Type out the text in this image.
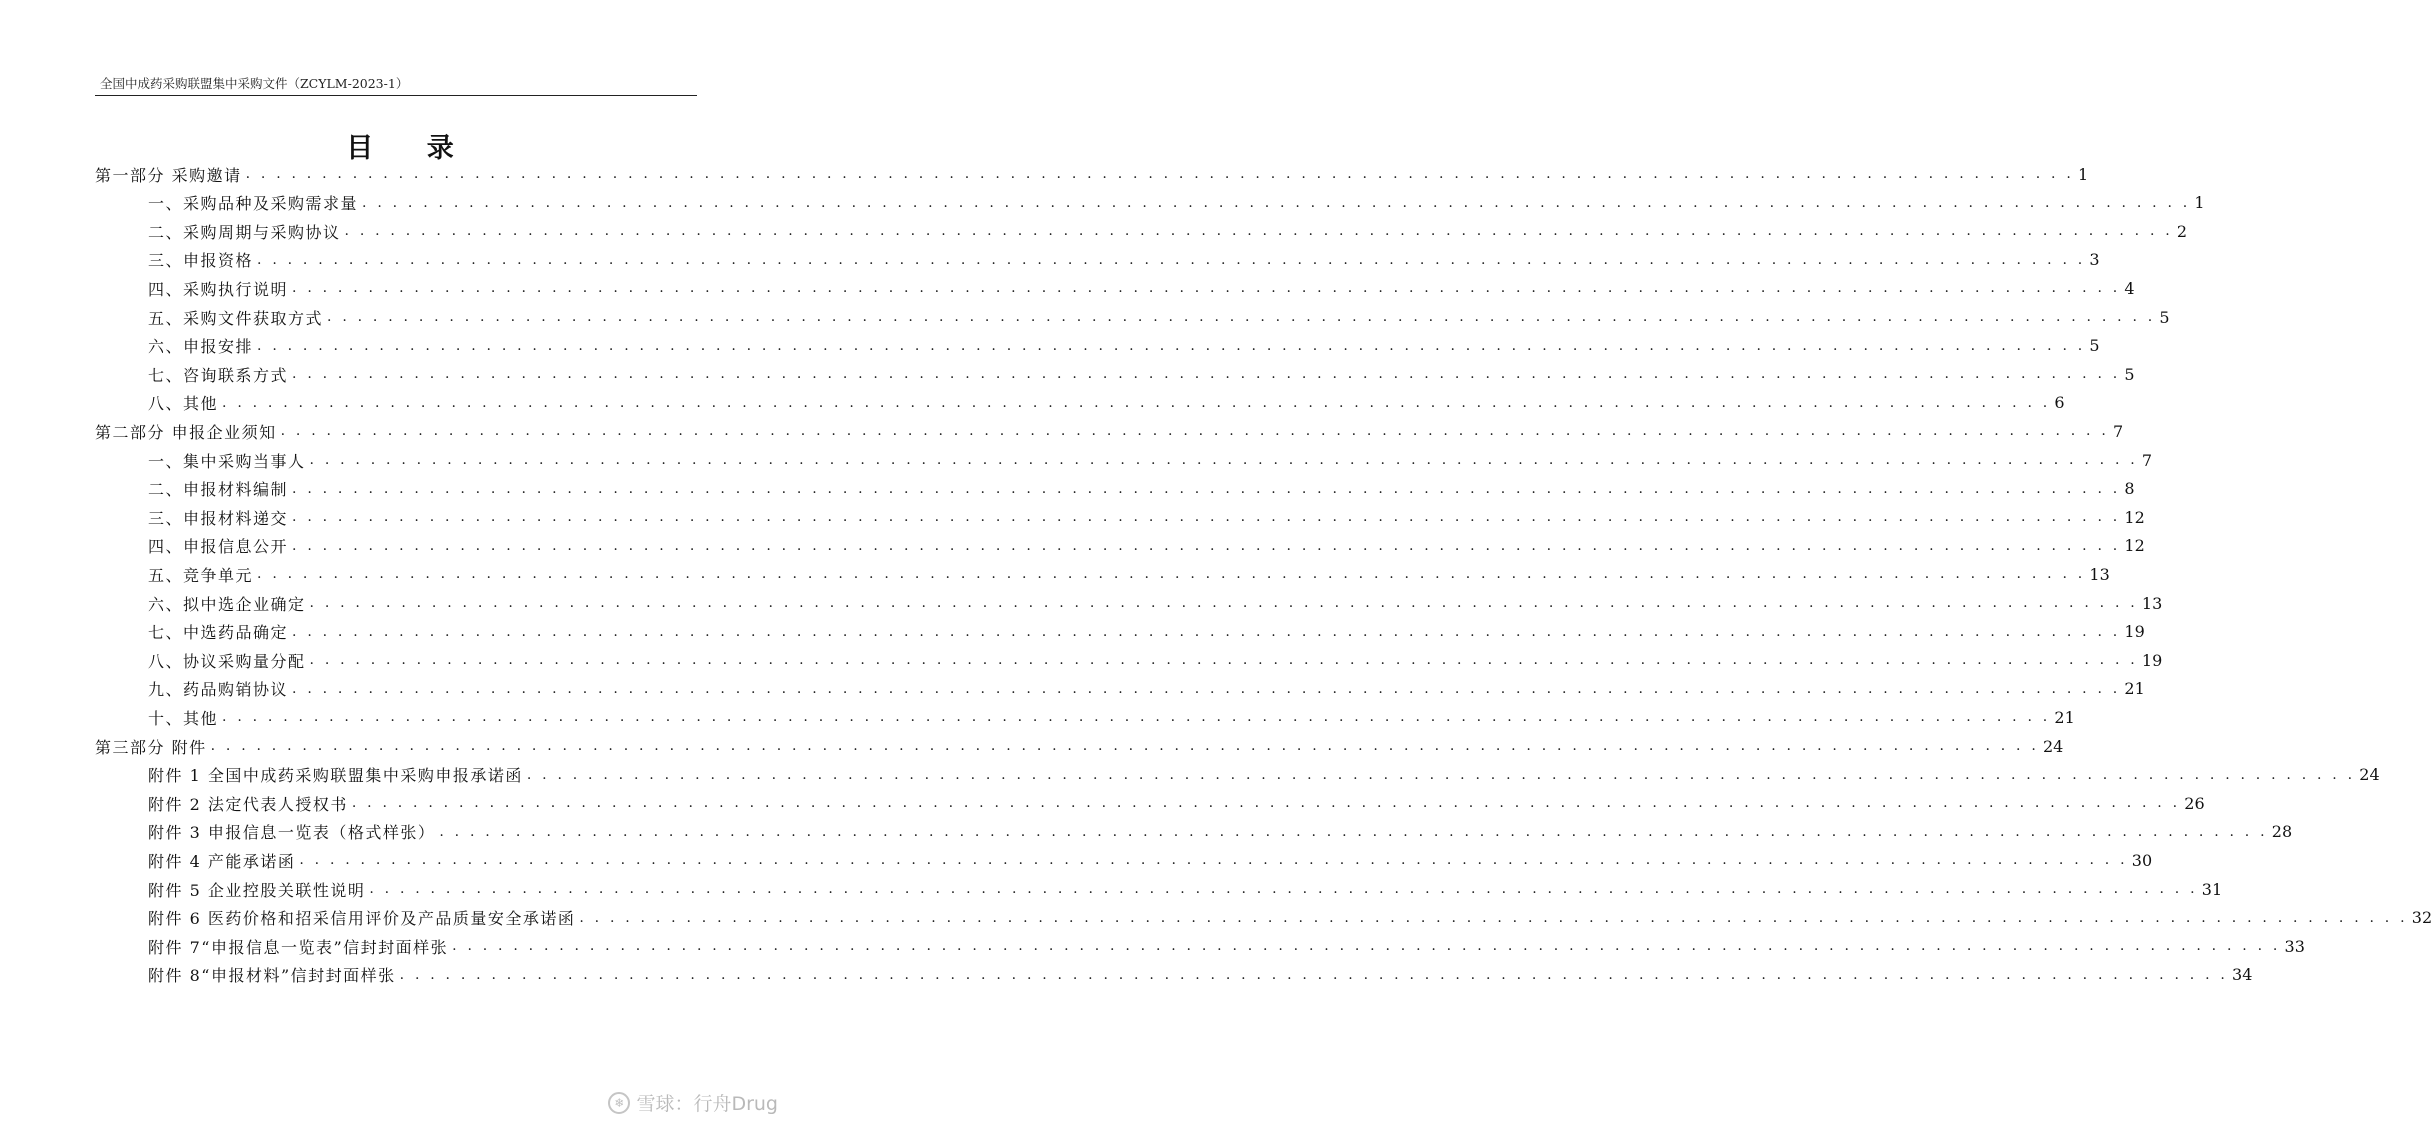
全国中成药采购联盟集中采购文件（ZCYLM-2023-1）
目 录
第一部分 采购邀请 . . . . . . . . . . . . . . . . . . . . . . . . . . . . . . . . . . . . . . . . . . . . . . . . . . . . . . . . . . . . . . . . . . . . . . . . . . . . . . . . . . . . . . . . . . . . . . . . . . . . . . . . . . . . . . . . . . . . . . . . 1
一、采购品种及采购需求量 . . . . . . . . . . . . . . . . . . . . . . . . . . . . . . . . . . . . . . . . . . . . . . . . . . . . . . . . . . . . . . . . . . . . . . . . . . . . . . . . . . . . . . . . . . . . . . . . . . . . . . . . . . . . . . . . . . . . . . . . 1
二、采购周期与采购协议 . . . . . . . . . . . . . . . . . . . . . . . . . . . . . . . . . . . . . . . . . . . . . . . . . . . . . . . . . . . . . . . . . . . . . . . . . . . . . . . . . . . . . . . . . . . . . . . . . . . . . . . . . . . . . . . . . . . . . . . . 2
三、申报资格 . . . . . . . . . . . . . . . . . . . . . . . . . . . . . . . . . . . . . . . . . . . . . . . . . . . . . . . . . . . . . . . . . . . . . . . . . . . . . . . . . . . . . . . . . . . . . . . . . . . . . . . . . . . . . . . . . . . . . . . . 3
四、采购执行说明 . . . . . . . . . . . . . . . . . . . . . . . . . . . . . . . . . . . . . . . . . . . . . . . . . . . . . . . . . . . . . . . . . . . . . . . . . . . . . . . . . . . . . . . . . . . . . . . . . . . . . . . . . . . . . . . . . . . . . . . . 4
五、采购文件获取方式 . . . . . . . . . . . . . . . . . . . . . . . . . . . . . . . . . . . . . . . . . . . . . . . . . . . . . . . . . . . . . . . . . . . . . . . . . . . . . . . . . . . . . . . . . . . . . . . . . . . . . . . . . . . . . . . . . . . . . . . . 5
六、申报安排 . . . . . . . . . . . . . . . . . . . . . . . . . . . . . . . . . . . . . . . . . . . . . . . . . . . . . . . . . . . . . . . . . . . . . . . . . . . . . . . . . . . . . . . . . . . . . . . . . . . . . . . . . . . . . . . . . . . . . . . . 5
七、咨询联系方式 . . . . . . . . . . . . . . . . . . . . . . . . . . . . . . . . . . . . . . . . . . . . . . . . . . . . . . . . . . . . . . . . . . . . . . . . . . . . . . . . . . . . . . . . . . . . . . . . . . . . . . . . . . . . . . . . . . . . . . . . 5
八、其他 . . . . . . . . . . . . . . . . . . . . . . . . . . . . . . . . . . . . . . . . . . . . . . . . . . . . . . . . . . . . . . . . . . . . . . . . . . . . . . . . . . . . . . . . . . . . . . . . . . . . . . . . . . . . . . . . . . . . . . . . 6
第二部分 申报企业须知 . . . . . . . . . . . . . . . . . . . . . . . . . . . . . . . . . . . . . . . . . . . . . . . . . . . . . . . . . . . . . . . . . . . . . . . . . . . . . . . . . . . . . . . . . . . . . . . . . . . . . . . . . . . . . . . . . . . . . . . . 7
一、集中采购当事人 . . . . . . . . . . . . . . . . . . . . . . . . . . . . . . . . . . . . . . . . . . . . . . . . . . . . . . . . . . . . . . . . . . . . . . . . . . . . . . . . . . . . . . . . . . . . . . . . . . . . . . . . . . . . . . . . . . . . . . . . 7
二、申报材料编制 . . . . . . . . . . . . . . . . . . . . . . . . . . . . . . . . . . . . . . . . . . . . . . . . . . . . . . . . . . . . . . . . . . . . . . . . . . . . . . . . . . . . . . . . . . . . . . . . . . . . . . . . . . . . . . . . . . . . . . . . 8
三、申报材料递交 . . . . . . . . . . . . . . . . . . . . . . . . . . . . . . . . . . . . . . . . . . . . . . . . . . . . . . . . . . . . . . . . . . . . . . . . . . . . . . . . . . . . . . . . . . . . . . . . . . . . . . . . . . . . . . . . . . . . . . . . 12
四、申报信息公开 . . . . . . . . . . . . . . . . . . . . . . . . . . . . . . . . . . . . . . . . . . . . . . . . . . . . . . . . . . . . . . . . . . . . . . . . . . . . . . . . . . . . . . . . . . . . . . . . . . . . . . . . . . . . . . . . . . . . . . . . 12
五、竞争单元 . . . . . . . . . . . . . . . . . . . . . . . . . . . . . . . . . . . . . . . . . . . . . . . . . . . . . . . . . . . . . . . . . . . . . . . . . . . . . . . . . . . . . . . . . . . . . . . . . . . . . . . . . . . . . . . . . . . . . . . . 13
六、拟中选企业确定 . . . . . . . . . . . . . . . . . . . . . . . . . . . . . . . . . . . . . . . . . . . . . . . . . . . . . . . . . . . . . . . . . . . . . . . . . . . . . . . . . . . . . . . . . . . . . . . . . . . . . . . . . . . . . . . . . . . . . . . . 13
七、中选药品确定 . . . . . . . . . . . . . . . . . . . . . . . . . . . . . . . . . . . . . . . . . . . . . . . . . . . . . . . . . . . . . . . . . . . . . . . . . . . . . . . . . . . . . . . . . . . . . . . . . . . . . . . . . . . . . . . . . . . . . . . . 19
八、协议采购量分配 . . . . . . . . . . . . . . . . . . . . . . . . . . . . . . . . . . . . . . . . . . . . . . . . . . . . . . . . . . . . . . . . . . . . . . . . . . . . . . . . . . . . . . . . . . . . . . . . . . . . . . . . . . . . . . . . . . . . . . . . 19
九、药品购销协议 . . . . . . . . . . . . . . . . . . . . . . . . . . . . . . . . . . . . . . . . . . . . . . . . . . . . . . . . . . . . . . . . . . . . . . . . . . . . . . . . . . . . . . . . . . . . . . . . . . . . . . . . . . . . . . . . . . . . . . . . 21
十、其他 . . . . . . . . . . . . . . . . . . . . . . . . . . . . . . . . . . . . . . . . . . . . . . . . . . . . . . . . . . . . . . . . . . . . . . . . . . . . . . . . . . . . . . . . . . . . . . . . . . . . . . . . . . . . . . . . . . . . . . . . 21
第三部分 附件 . . . . . . . . . . . . . . . . . . . . . . . . . . . . . . . . . . . . . . . . . . . . . . . . . . . . . . . . . . . . . . . . . . . . . . . . . . . . . . . . . . . . . . . . . . . . . . . . . . . . . . . . . . . . . . . . . . . . . . . . 24
附件 1 全国中成药采购联盟集中采购申报承诺函 . . . . . . . . . . . . . . . . . . . . . . . . . . . . . . . . . . . . . . . . . . . . . . . . . . . . . . . . . . . . . . . . . . . . . . . . . . . . . . . . . . . . . . . . . . . . . . . . . . . . . . . . . . . . . . . . . . . . . . . . 24
附件 2 法定代表人授权书 . . . . . . . . . . . . . . . . . . . . . . . . . . . . . . . . . . . . . . . . . . . . . . . . . . . . . . . . . . . . . . . . . . . . . . . . . . . . . . . . . . . . . . . . . . . . . . . . . . . . . . . . . . . . . . . . . . . . . . . . 26
附件 3 申报信息一览表（格式样张） . . . . . . . . . . . . . . . . . . . . . . . . . . . . . . . . . . . . . . . . . . . . . . . . . . . . . . . . . . . . . . . . . . . . . . . . . . . . . . . . . . . . . . . . . . . . . . . . . . . . . . . . . . . . . . . . . . . . . . . . 28
附件 4 产能承诺函 . . . . . . . . . . . . . . . . . . . . . . . . . . . . . . . . . . . . . . . . . . . . . . . . . . . . . . . . . . . . . . . . . . . . . . . . . . . . . . . . . . . . . . . . . . . . . . . . . . . . . . . . . . . . . . . . . . . . . . . . 30
附件 5 企业控股关联性说明 . . . . . . . . . . . . . . . . . . . . . . . . . . . . . . . . . . . . . . . . . . . . . . . . . . . . . . . . . . . . . . . . . . . . . . . . . . . . . . . . . . . . . . . . . . . . . . . . . . . . . . . . . . . . . . . . . . . . . . . . 31
附件 6 医药价格和招采信用评价及产品质量安全承诺函 . . . . . . . . . . . . . . . . . . . . . . . . . . . . . . . . . . . . . . . . . . . . . . . . . . . . . . . . . . . . . . . . . . . . . . . . . . . . . . . . . . . . . . . . . . . . . . . . . . . . . . . . . . . . . . . . . . . . . . . . 32
附件 7“申报信息一览表”信封封面样张 . . . . . . . . . . . . . . . . . . . . . . . . . . . . . . . . . . . . . . . . . . . . . . . . . . . . . . . . . . . . . . . . . . . . . . . . . . . . . . . . . . . . . . . . . . . . . . . . . . . . . . . . . . . . . . . . . . . . . . . . 33
附件 8“申报材料”信封封面样张 . . . . . . . . . . . . . . . . . . . . . . . . . . . . . . . . . . . . . . . . . . . . . . . . . . . . . . . . . . . . . . . . . . . . . . . . . . . . . . . . . . . . . . . . . . . . . . . . . . . . . . . . . . . . . . . . . . . . . . . . 34
❄ 雪球：行舟Drug
